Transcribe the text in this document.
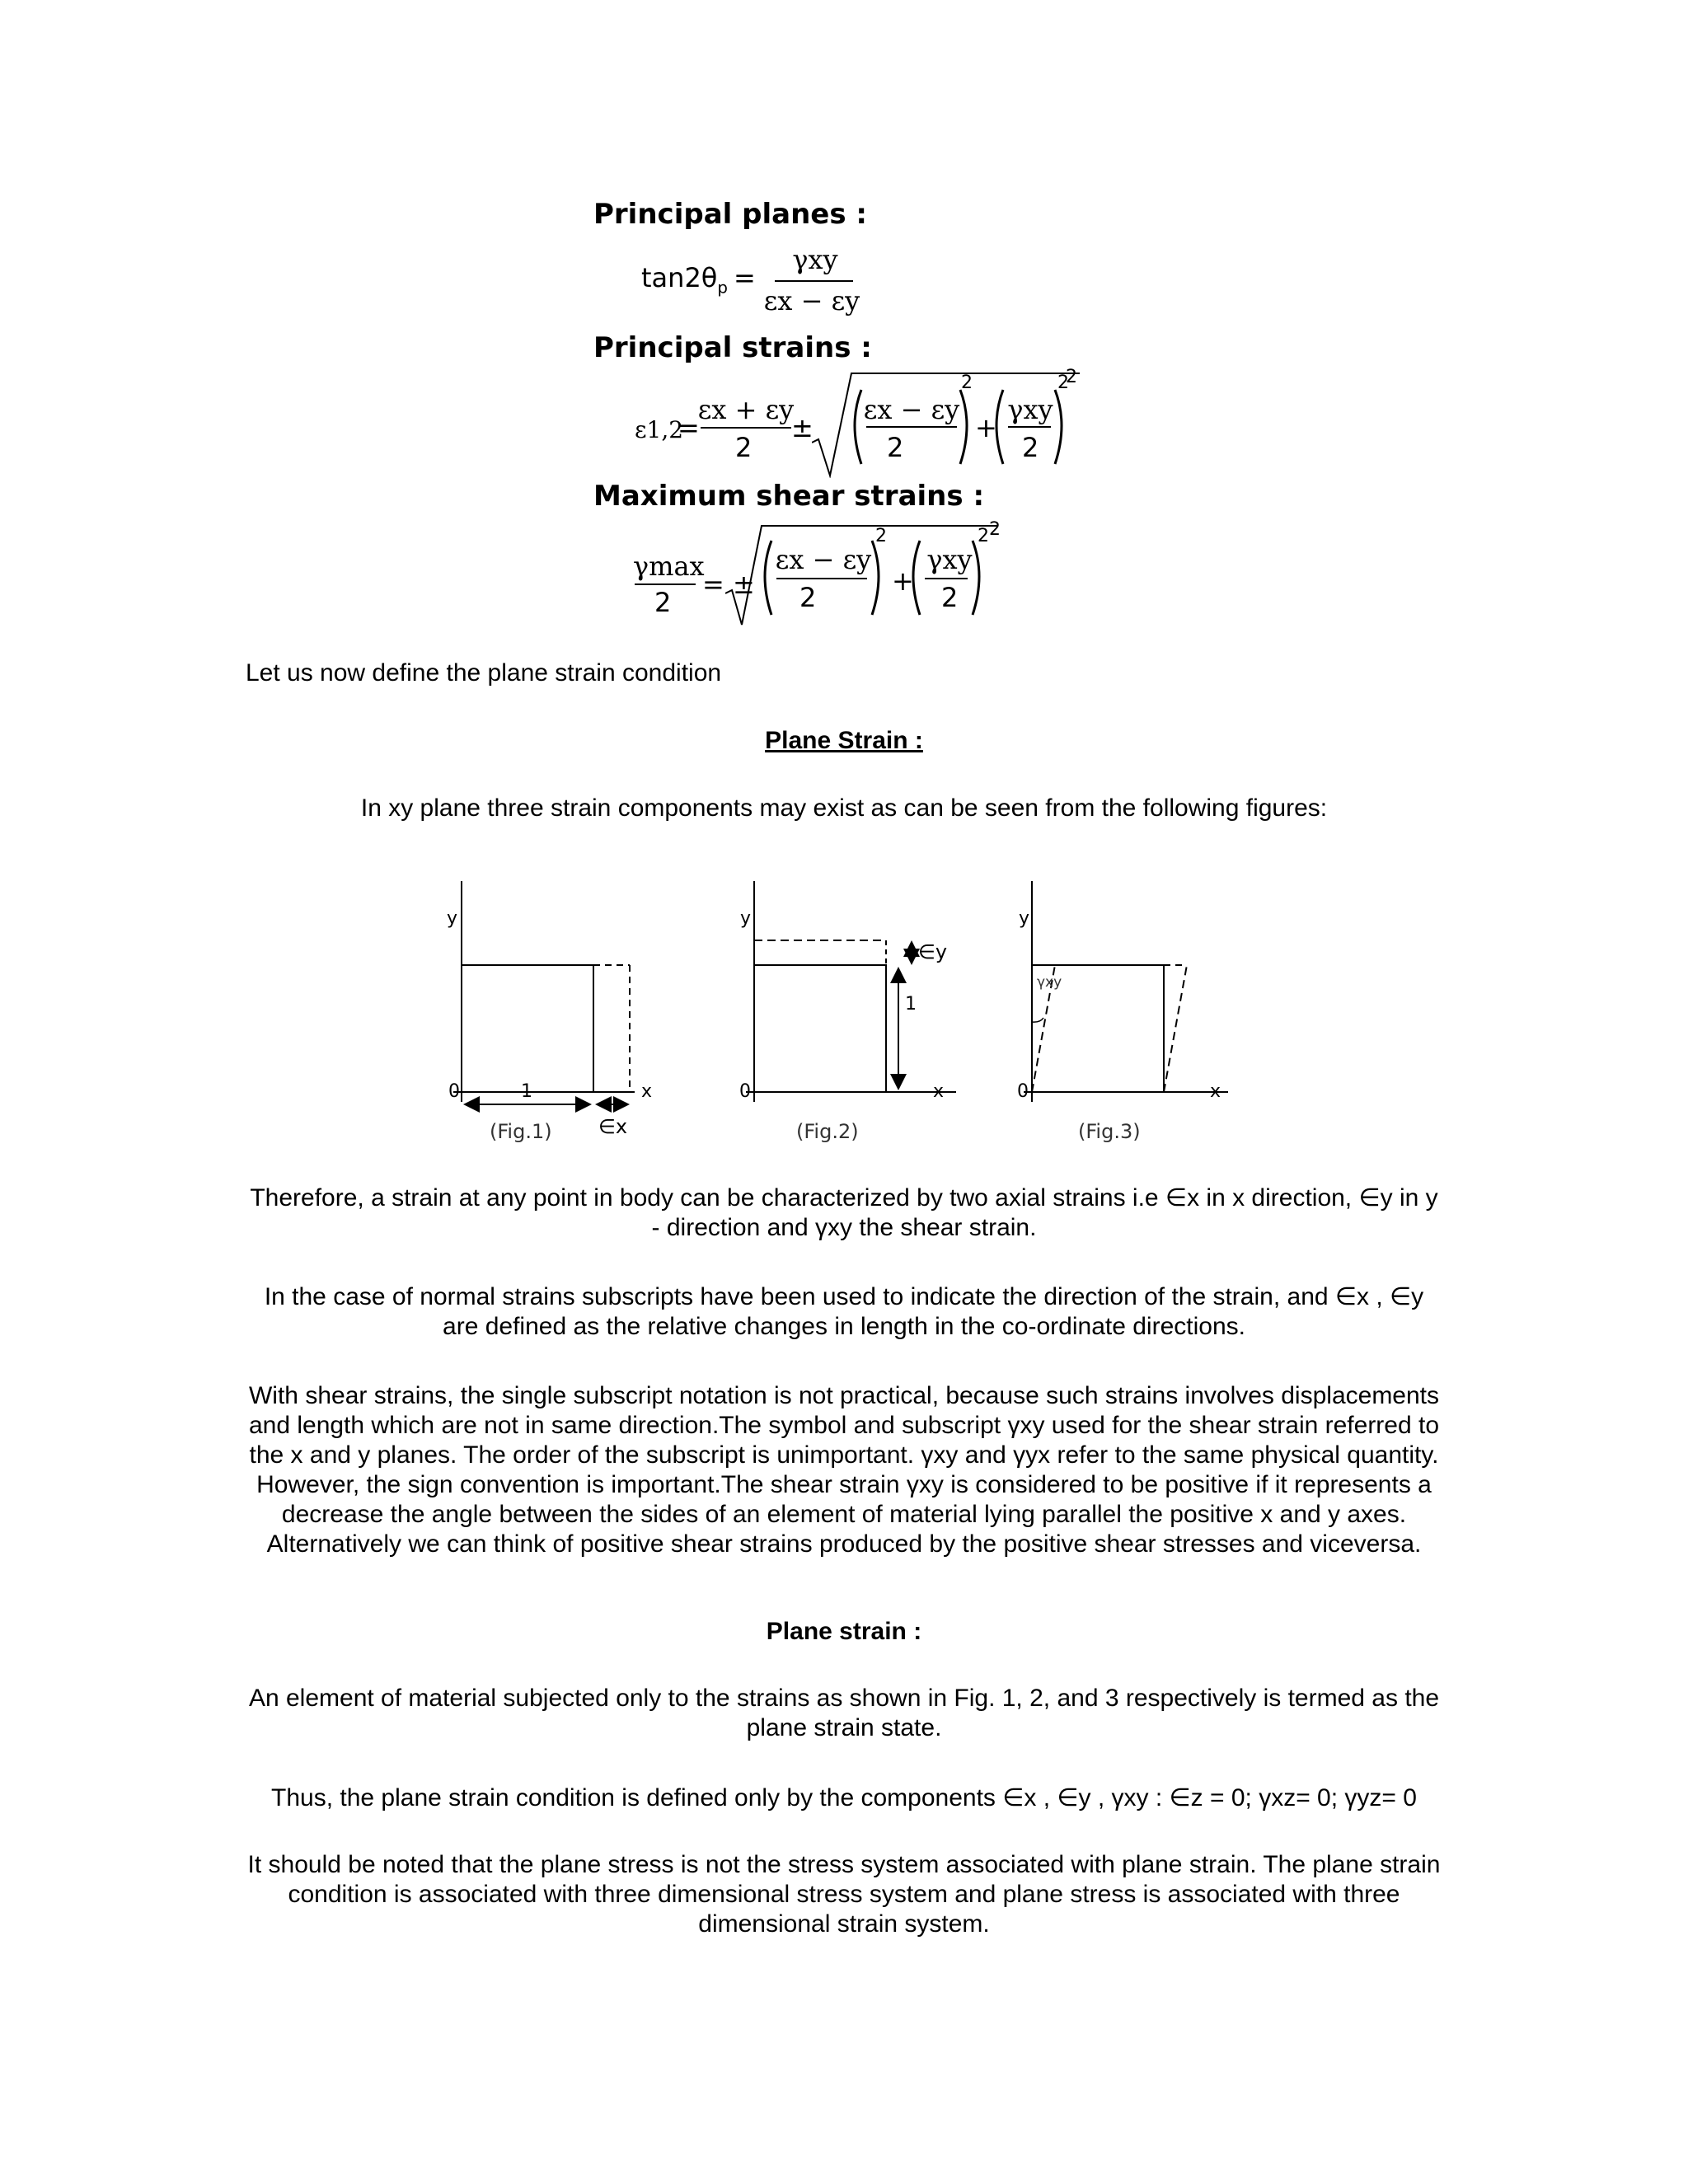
Principal planes :
$\tan 2\theta_p$ =
γxy
εx − εy
Principal strains :
ε1,2
=
εx + εy
2
±
εx − εy
2
2
+
γxy
2
2
2
Maximum shear strains :
γmax
2
= ±
εx − εy
2
2
+
γxy
2
2 2
Let us now define the plane strain condition
Plane Strain :
In xy plane three strain components may exist as can be seen from the following figures:
y
x
0	1
∈x
(Fig.1)
y
x
0
1
∈y
(Fig.2)
y
x
0
γxy
(Fig.3)
Therefore, a strain at any point in body can be characterized by two axial strains i.e ∈x in x direction, ∈y in y - direction and γxy the shear strain.
In the case of normal strains subscripts have been used to indicate the direction of the strain, and ∈x , ∈y are defined as the relative changes in length in the co-ordinate directions.
With shear strains, the single subscript notation is not practical, because such strains involves displacements and length which are not in same direction.The symbol and subscript γxy used for the shear strain referred to the x and y planes. The order of the subscript is unimportant. γxy and γyx refer to the same physical quantity. However, the sign convention is important.The shear strain γxy is considered to be positive if it represents a decrease the angle between the sides of an element of material lying parallel the positive x and y axes. Alternatively we can think of positive shear strains produced by the positive shear stresses and viceversa.
Plane strain :
An element of material subjected only to the strains as shown in Fig. 1, 2, and 3 respectively is termed as the plane strain state.
Thus, the plane strain condition is defined only by the components ∈x , ∈y , γxy : ∈z = 0; γxz= 0; γyz= 0
It should be noted that the plane stress is not the stress system associated with plane strain. The plane strain condition is associated with three dimensional stress system and plane stress is associated with three dimensional strain system.
